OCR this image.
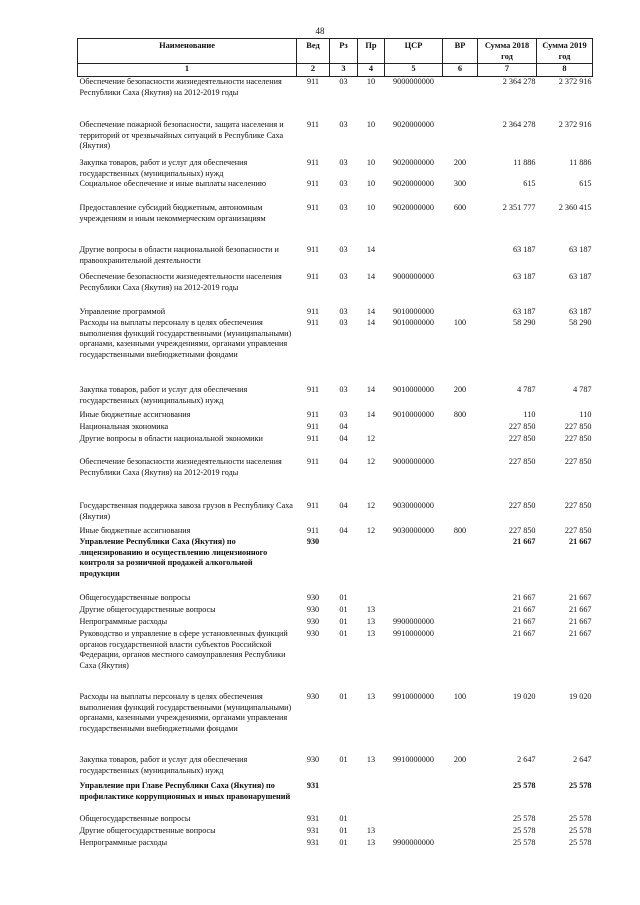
48
Наименование	Вед	Рз	Пр	ЦСР	ВР	Сумма 2018 год	Сумма 2019 год
1	2	3	4	5	6	7	8
Обеспечение безопасности жизнедеятельности населения Республики Саха (Якутия) на 2012-2019 годы	911	03	10	9000000000		2 364 278	2 372 916
Обеспечение пожарной безопасности, защита населения и территорий от чрезвычайных ситуаций в Республике Саха (Якутия)	911	03	10	9020000000		2 364 278	2 372 916
Закупка товаров, работ и услуг для обеспечения государственных (муниципальных) нужд	911	03	10	9020000000	200	11 886	11 886
Социальное обеспечение и иные выплаты населению	911	03	10	9020000000	300	615	615
Предоставление субсидий бюджетным, автономным учреждениям и иным некоммерческим организациям	911	03	10	9020000000	600	2 351 777	2 360 415
Другие вопросы в области национальной безопасности и правоохранительной деятельности	911	03	14			63 187	63 187
Обеспечение безопасности жизнедеятельности населения Республики Саха (Якутия) на 2012-2019 годы	911	03	14	9000000000		63 187	63 187
Управление программой	911	03	14	9010000000		63 187	63 187
Расходы на выплаты персоналу в целях обеспечения выполнения функций государственными (муниципальными) органами, казенными учреждениями, органами управления государственными внебюджетными фондами	911	03	14	9010000000	100	58 290	58 290
Закупка товаров, работ и услуг для обеспечения государственных (муниципальных) нужд	911	03	14	9010000000	200	4 787	4 787
Иные бюджетные ассигнования	911	03	14	9010000000	800	110	110
Национальная экономика	911	04				227 850	227 850
Другие вопросы в области национальной экономики	911	04	12			227 850	227 850
Обеспечение безопасности жизнедеятельности населения Республики Саха (Якутия) на 2012-2019 годы	911	04	12	9000000000		227 850	227 850
Государственная поддержка завоза грузов в Республику Саха (Якутия)	911	04	12	9030000000		227 850	227 850
Иные бюджетные ассигнования	911	04	12	9030000000	800	227 850	227 850
Управление Республики Саха (Якутия) по лицензированию и осуществлению лицензионного контроля за розничной продажей алкогольной продукции	930					21 667	21 667
Общегосударственные вопросы	930	01				21 667	21 667
Другие общегосударственные вопросы	930	01	13			21 667	21 667
Непрограммные расходы	930	01	13	9900000000		21 667	21 667
Руководство и управление в сфере установленных функций органов государственной власти субъектов Российской Федерации, органов местного самоуправления Республики Саха (Якутия)	930	01	13	9910000000		21 667	21 667
Расходы на выплаты персоналу в целях обеспечения выполнения функций государственными (муниципальными) органами, казенными учреждениями, органами управления государственными внебюджетными фондами	930	01	13	9910000000	100	19 020	19 020
Закупка товаров, работ и услуг для обеспечения государственных (муниципальных) нужд	930	01	13	9910000000	200	2 647	2 647
Управление при Главе Республики Саха (Якутия) по профилактике коррупционных и иных правонарушений	931					25 578	25 578
Общегосударственные вопросы	931	01				25 578	25 578
Другие общегосударственные вопросы	931	01	13			25 578	25 578
Непрограммные расходы	931	01	13	9900000000		25 578	25 578
